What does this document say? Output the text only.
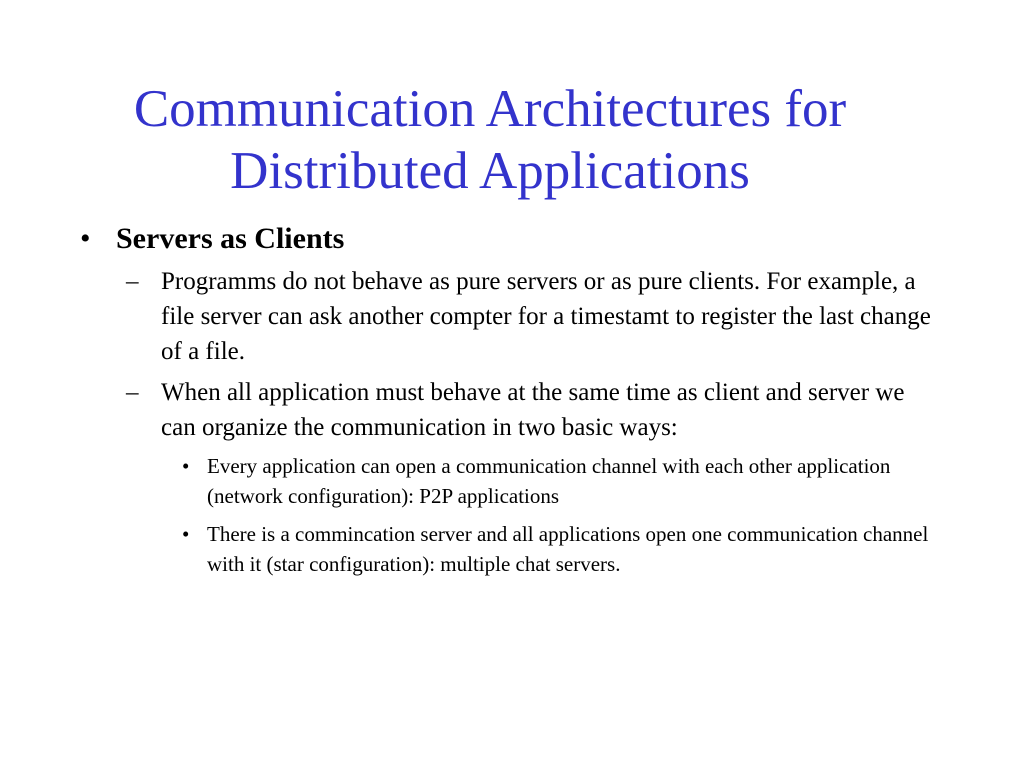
Communication Architectures for
Distributed Applications

• Servers as Clients

– Programms do not behave as pure servers or as pure clients. For example, a file server can ask another compter for a timestamt to register the last change of a file.

– When all application must behave at the same time as client and server we can organize the communication in two basic ways:

• Every application can open a communication channel with each other application (network configuration): P2P applications

• There is a commincation server and all applications open one communication channel with it (star configuration): multiple chat servers.
